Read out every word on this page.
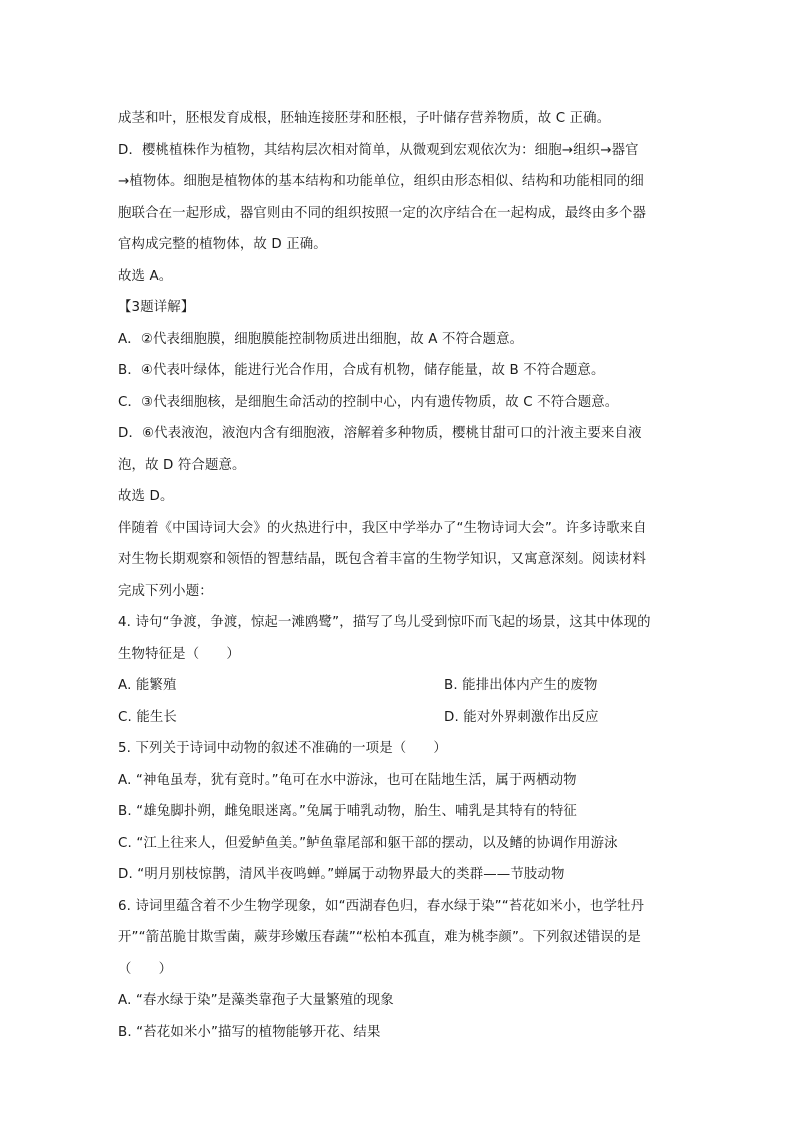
成茎和叶，胚根发育成根，胚轴连接胚芽和胚根，子叶储存营养物质，故 C 正确。
D．樱桃植株作为植物，其结构层次相对简单，从微观到宏观依次为：细胞→组织→器官
→植物体。细胞是植物体的基本结构和功能单位，组织由形态相似、结构和功能相同的细
胞联合在一起形成，器官则由不同的组织按照一定的次序结合在一起构成，最终由多个器
官构成完整的植物体，故 D 正确。
故选 A。
【3题详解】
A．②代表细胞膜，细胞膜能控制物质进出细胞，故 A 不符合题意。
B．④代表叶绿体，能进行光合作用，合成有机物，储存能量，故 B 不符合题意。
C．③代表细胞核，是细胞生命活动的控制中心，内有遗传物质，故 C 不符合题意。
D．⑥代表液泡，液泡内含有细胞液，溶解着多种物质，樱桃甘甜可口的汁液主要来自液
泡，故 D 符合题意。
故选 D。
伴随着《中国诗词大会》的火热进行中，我区中学举办了“生物诗词大会”。许多诗歌来自
对生物长期观察和领悟的智慧结晶，既包含着丰富的生物学知识，又寓意深刻。阅读材料
完成下列小题：
4. 诗句“争渡，争渡，惊起一滩鸥鹭”，描写了鸟儿受到惊吓而飞起的场景，这其中体现的
生物特征是（　　）
A. 能繁殖	B. 能排出体内产生的废物
C. 能生长	D. 能对外界刺激作出反应
5. 下列关于诗词中动物的叙述不准确的一项是（　　）
A. “神龟虽寿，犹有竟时。”龟可在水中游泳，也可在陆地生活，属于两栖动物
B. “雄兔脚扑朔，雌兔眼迷离。”兔属于哺乳动物，胎生、哺乳是其特有的特征
C. “江上往来人，但爱鲈鱼美。”鲈鱼靠尾部和躯干部的摆动，以及鳍的协调作用游泳
D. “明月别枝惊鹊，清风半夜鸣蝉。”蝉属于动物界最大的类群——节肢动物
6. 诗词里蕴含着不少生物学现象，如“西湖春色归，春水绿于染”“苔花如米小，也学牡丹
开”“箭茁脆甘欺雪菌，蕨芽珍嫩压春蔬”“松柏本孤直，难为桃李颜”。下列叙述错误的是
（　　）
A. “春水绿于染”是藻类靠孢子大量繁殖的现象
B. “苔花如米小”描写的植物能够开花、结果
